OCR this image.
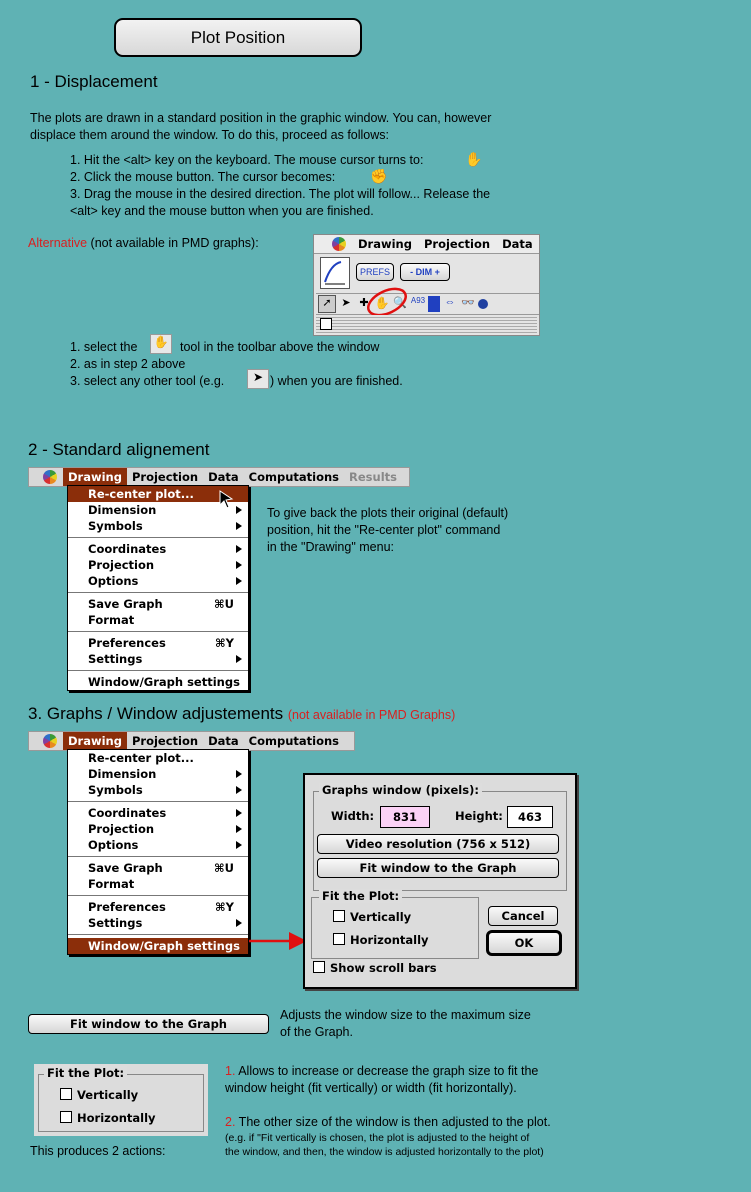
Plot Position
1 - Displacement
The plots are drawn in a standard position in the graphic window. You can, however
displace them around the window. To do this, proceed as follows:
1. Hit the <alt> key on the keyboard. The mouse cursor turns to:	✋
2. Click the mouse button. The cursor becomes: ✊
3. Drag the mouse in the desired direction. The plot will follow... Release the
<alt> key and the mouse button when you are finished.
Alternative (not available in PMD graphs):	Drawing	Projection	Data
PREFS	- DIM +
➚ ➤ ✚ ✋ 🔍 A93 ⇔ 👓
1. select the ✋ tool in the toolbar above the window
2. as in step 2 above
3. select any other tool (e.g.	➤ ) when you are finished.
2 - Standard alignement
Drawing Projection Data Computations Results
Re-center plot...
Dimension
Symbols
Coordinates
Projection
Options
Save Graph	⌘U
Format
Preferences	⌘Y
Settings
Window/Graph settings
To give back the plots their original (default)
position, hit the "Re-center plot" command
in the "Drawing" menu:
3. Graphs / Window adjustements (not available in PMD Graphs)
Drawing Projection Data Computations
Re-center plot...
Dimension
Symbols
Coordinates
Projection
Options
Save Graph	⌘U
Format
Preferences	⌘Y
Settings
Window/Graph settings
Graphs window (pixels):
Width:	831	Height:	463
Video resolution (756 x 512)
Fit window to the Graph
Fit the Plot:
Vertically
Horizontally
Cancel
OK
Show scroll bars
Fit window to the Graph
Adjusts the window size to the maximum size
of the Graph.
Fit the Plot:
Vertically
Horizontally
This produces 2 actions:
1. Allows to increase or decrease the graph size to fit the
window height (fit vertically) or width (fit horizontally).
2. The other size of the window is then adjusted to the plot.
(e.g. if "Fit vertically is chosen, the plot is adjusted to the height of
the window, and then, the window is adjusted horizontally to the plot)
